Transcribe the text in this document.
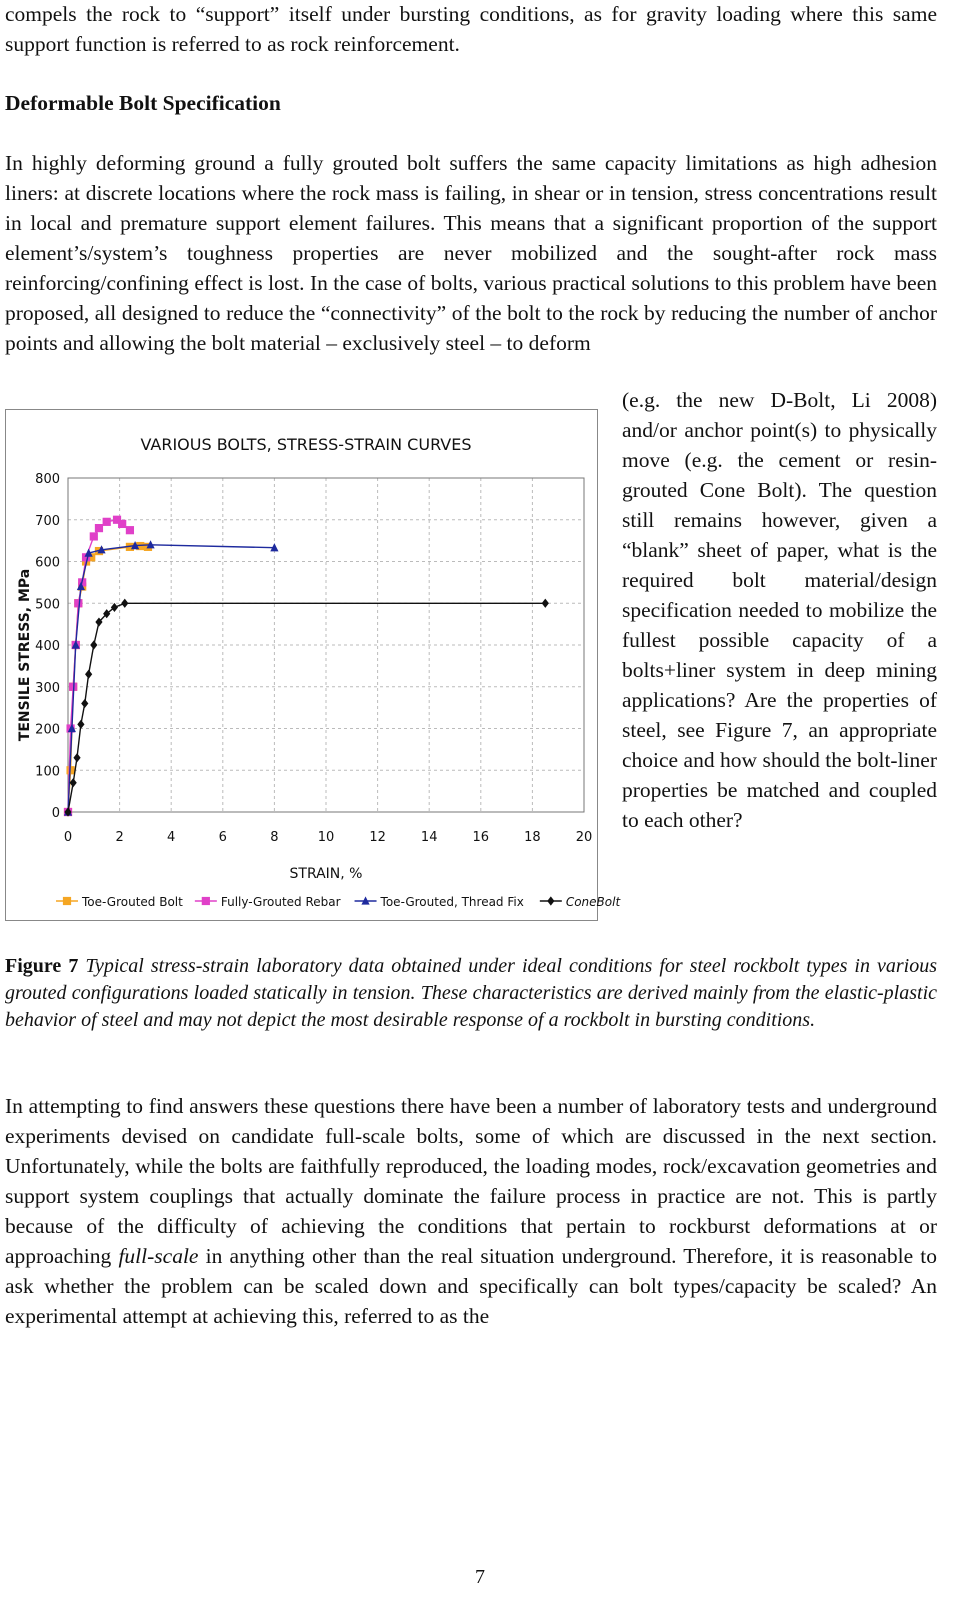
compels the rock to “support” itself under bursting conditions, as for gravity loading where this same support function is referred to as rock reinforcement.

Deformable Bolt Specification

In highly deforming ground a fully grouted bolt suffers the same capacity limitations as high adhesion liners: at discrete locations where the rock mass is failing, in shear or in tension, stress concentrations result in local and premature support element failures. This means that a significant proportion of the support element’s/system’s toughness properties are never mobilized and the sought-after rock mass reinforcing/confining effect is lost. In the case of bolts, various practical solutions to this problem have been proposed, all designed to reduce the “connectivity” of the bolt to the rock by reducing the number of anchor points and allowing the bolt material – exclusively steel – to deform

(e.g. the new D-Bolt, Li 2008) and/or anchor point(s) to physically move (e.g. the cement or resin-grouted Cone Bolt). The question still remains however, given a “blank” sheet of paper, what is the required bolt material/design specification needed to mobilize the fullest possible capacity of a bolts+liner system in deep mining applications? Are the properties of steel, see Figure 7, an appropriate choice and how should the bolt-liner properties be matched and coupled to each other?

Figure 7 Typical stress-strain laboratory data obtained under ideal conditions for steel rockbolt types in various grouted configurations loaded statically in tension. These characteristics are derived mainly from the elastic-plastic behavior of steel and may not depict the most desirable response of a rockbolt in bursting conditions.

In attempting to find answers these questions there have been a number of laboratory tests and underground experiments devised on candidate full-scale bolts, some of which are discussed in the next section. Unfortunately, while the bolts are faithfully reproduced, the loading modes, rock/excavation geometries and support system couplings that actually dominate the failure process in practice are not. This is partly because of the difficulty of achieving the conditions that pertain to rockburst deformations at or approaching full-scale in anything other than the real situation underground. Therefore, it is reasonable to ask whether the problem can be scaled down and specifically can bolt types/capacity be scaled? An experimental attempt at achieving this, referred to as the

VARIOUS BOLTS, STRESS-STRAIN CURVES
STRAIN, %
TENSILE STRESS, MPa
0
100
200
300
400
500
600
700
800
0	2	4	6	8	10	12	14	16	18	20
Toe-Grouted Bolt	Fully-Grouted Rebar	Toe-Grouted, Thread Fix	ConeBolt
7
